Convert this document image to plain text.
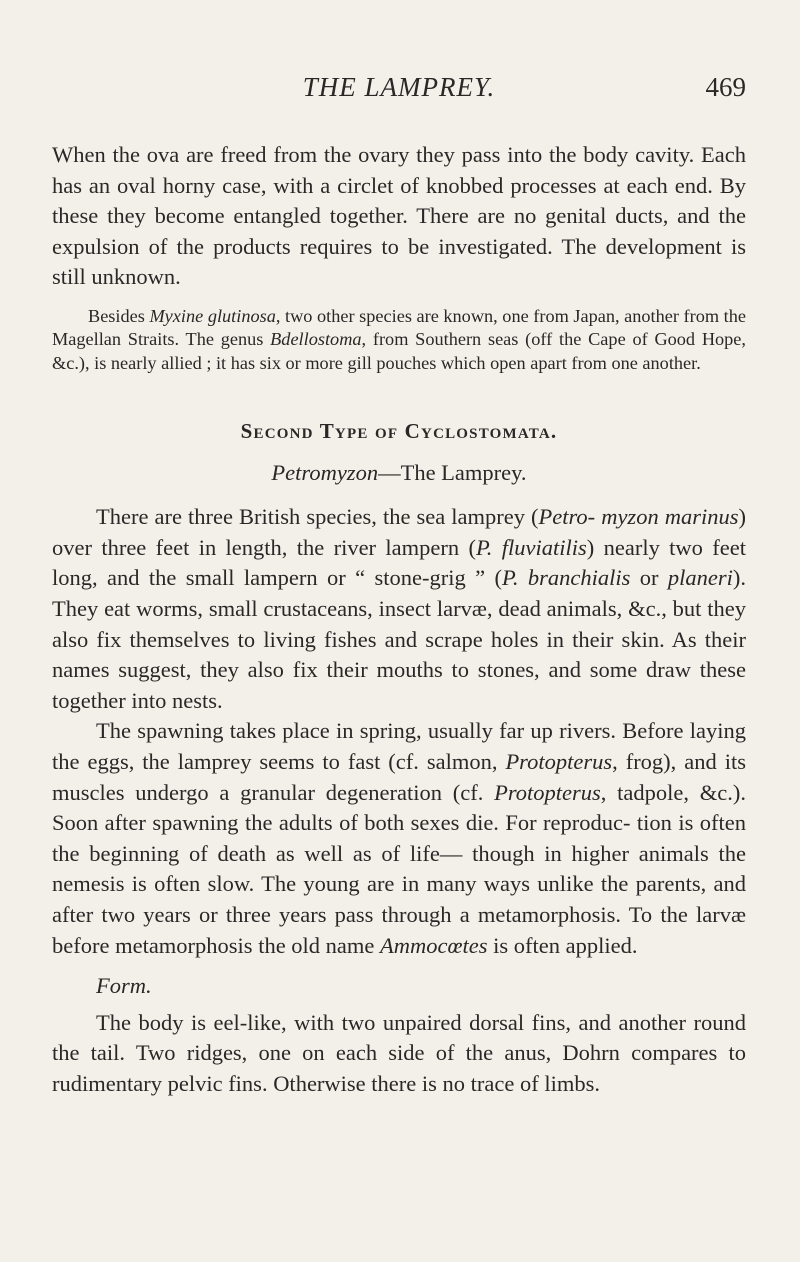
THE LAMPREY.	469

When the ova are freed from the ovary they pass into the body cavity. Each has an oval horny case, with a circlet of knobbed processes at each end. By these they become entangled together. There are no genital ducts, and the expulsion of the products requires to be investigated. The development is still unknown.

Besides Myxine glutinosa, two other species are known, one from Japan, another from the Magellan Straits. The genus Bdellostoma, from Southern seas (off the Cape of Good Hope, &c.), is nearly allied ; it has six or more gill pouches which open apart from one another.

Second Type of Cyclostomata.

Petromyzon—The Lamprey.

There are three British species, the sea lamprey (Petro- myzon marinus) over three feet in length, the river lampern (P. fluviatilis) nearly two feet long, and the small lampern or “ stone-grig ” (P. branchialis or planeri). They eat worms, small crustaceans, insect larvæ, dead animals, &c., but they also fix themselves to living fishes and scrape holes in their skin. As their names suggest, they also fix their mouths to stones, and some draw these together into nests.

The spawning takes place in spring, usually far up rivers. Before laying the eggs, the lamprey seems to fast (cf. salmon, Protopterus, frog), and its muscles undergo a granular degeneration (cf. Protopterus, tadpole, &c.). Soon after spawning the adults of both sexes die. For reproduc- tion is often the beginning of death as well as of life— though in higher animals the nemesis is often slow. The young are in many ways unlike the parents, and after two years or three years pass through a metamorphosis. To the larvæ before metamorphosis the old name Ammocœtes is often applied.

Form.

The body is eel-like, with two unpaired dorsal fins, and another round the tail. Two ridges, one on each side of the anus, Dohrn compares to rudimentary pelvic fins. Otherwise there is no trace of limbs.
